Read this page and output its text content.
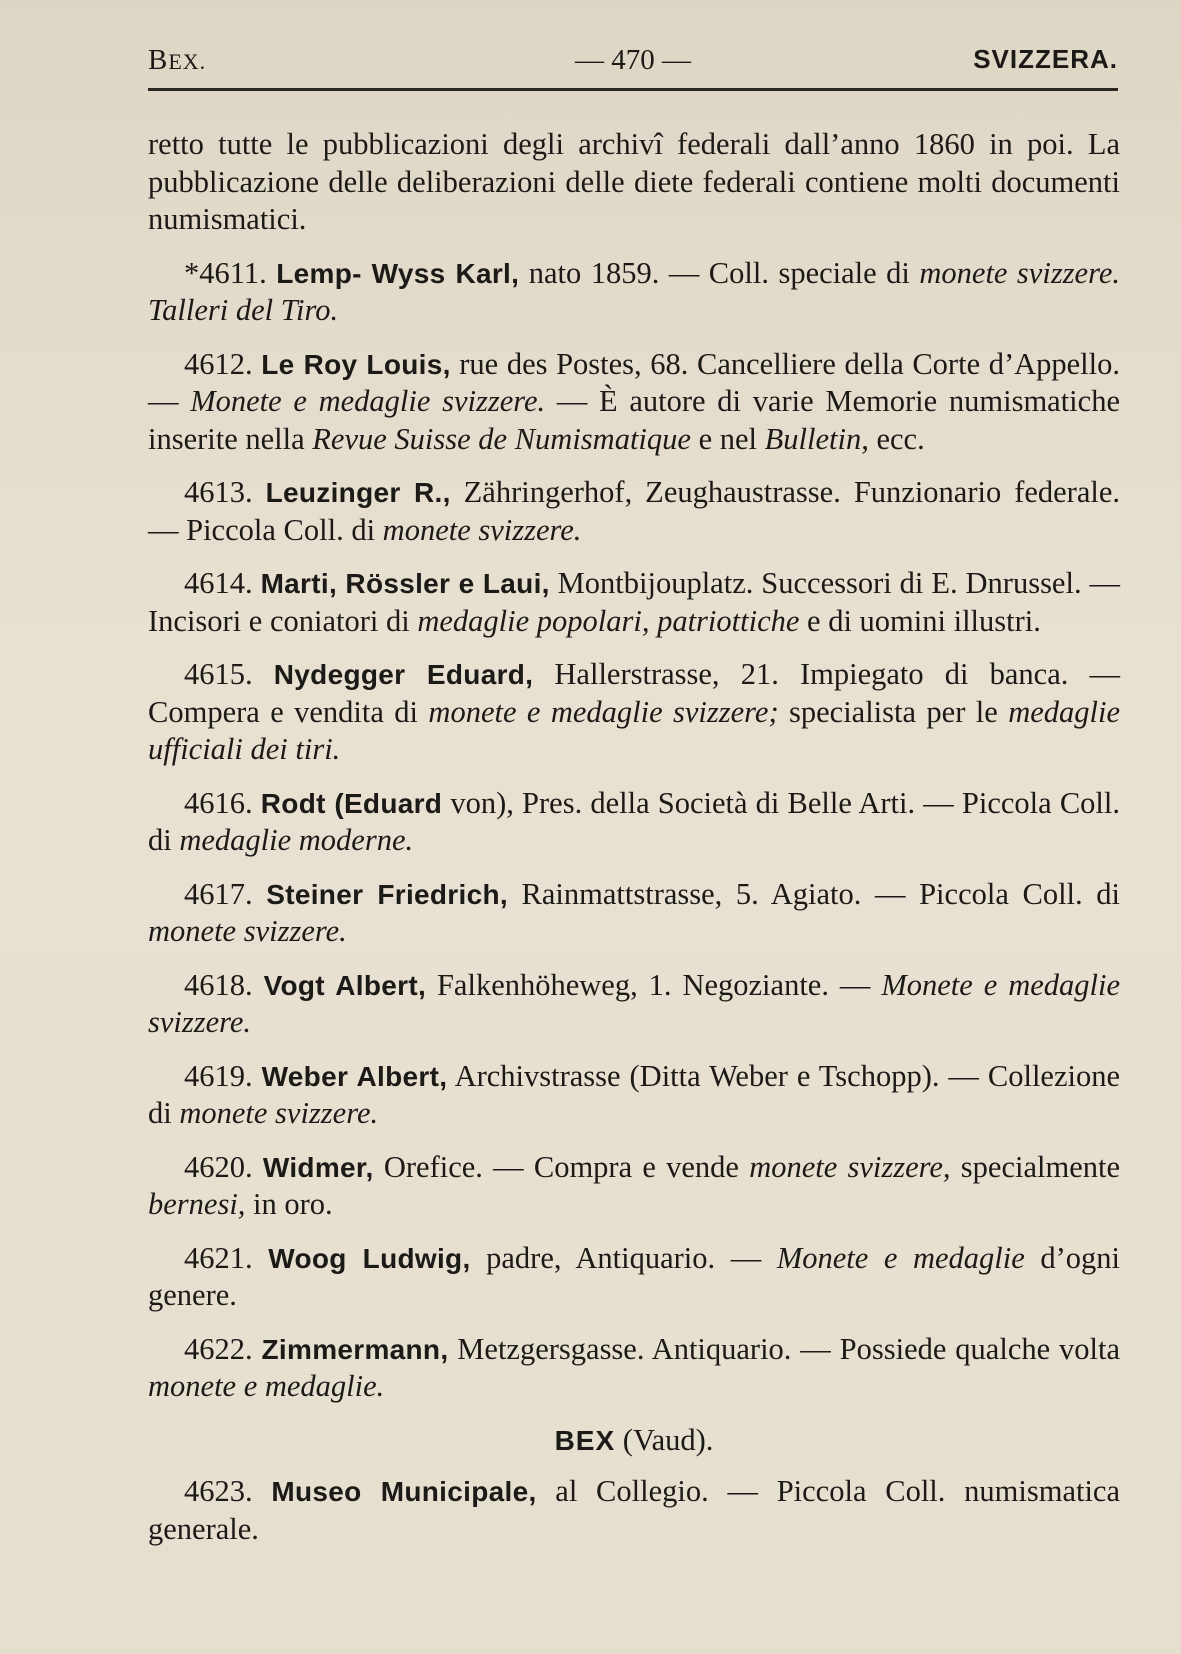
BEX.	— 470 —	SVIZZERA.

retto tutte le pubblicazioni degli archivî federali dall’anno 1860 in poi. La pubblicazione delle deliberazioni delle diete federali contiene molti documenti numismatici.

*4611. Lemp- Wyss Karl, nato 1859. — Coll. speciale di monete svizzere. Talleri del Tiro.

4612. Le Roy Louis, rue des Postes, 68. Cancelliere della Corte d’Appello. — Monete e medaglie svizzere. — È autore di varie Memorie numismatiche inserite nella Revue Suisse de Numismatique e nel Bulletin, ecc.

4613. Leuzinger R., Zähringerhof, Zeughaustrasse. Funzionario federale. — Piccola Coll. di monete svizzere.

4614. Marti, Rössler e Laui, Montbijouplatz. Successori di E. Dnrussel. — Incisori e coniatori di medaglie popolari, patriottiche e di uomini illustri.

4615. Nydegger Eduard, Hallerstrasse, 21. Impiegato di banca. — Compera e vendita di monete e medaglie svizzere; specialista per le medaglie ufficiali dei tiri.

4616. Rodt (Eduard von), Pres. della Società di Belle Arti. — Piccola Coll. di medaglie moderne.

4617. Steiner Friedrich, Rainmattstrasse, 5. Agiato. — Piccola Coll. di monete svizzere.

4618. Vogt Albert, Falkenhöheweg, 1. Negoziante. — Monete e medaglie svizzere.

4619. Weber Albert, Archivstrasse (Ditta Weber e Tschopp). — Collezione di monete svizzere.

4620. Widmer, Orefice. — Compra e vende monete svizzere, specialmente bernesi, in oro.

4621. Woog Ludwig, padre, Antiquario. — Monete e medaglie d’ogni genere.

4622. Zimmermann, Metzgersgasse. Antiquario. — Possiede qualche volta monete e medaglie.

BEX (Vaud).

4623. Museo Municipale, al Collegio. — Piccola Coll. numismatica generale.
